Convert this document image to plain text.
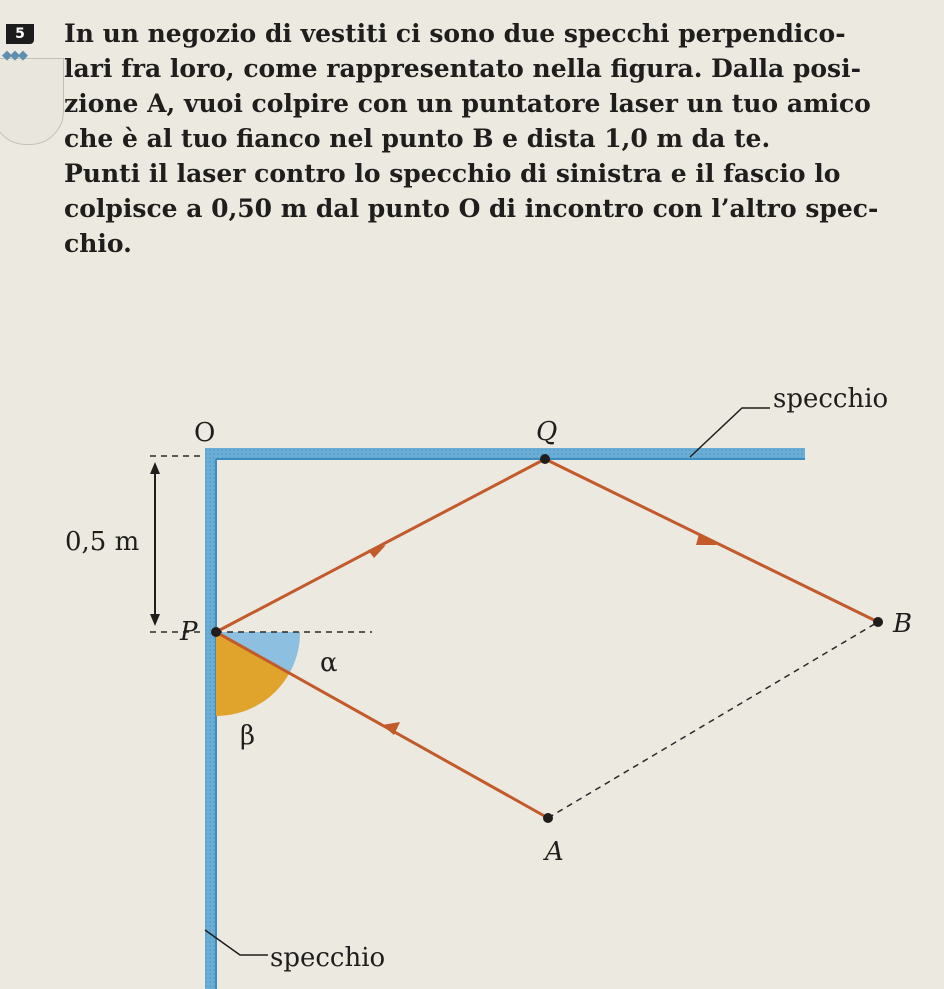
5
◆◆◆

In un negozio di vestiti ci sono due specchi perpendico-
lari fra loro, come rappresentato nella figura. Dalla posi-
zione A, vuoi colpire con un puntatore laser un tuo amico
che è al tuo fianco nel punto B e dista 1,0 m da te.
Punti il laser contro lo specchio di sinistra e il fascio lo
colpisce a 0,50 m dal punto O di incontro con l’altro spec-
chio.

specchio
specchio
O	Q
P
A
B
α
β
0,5 m
